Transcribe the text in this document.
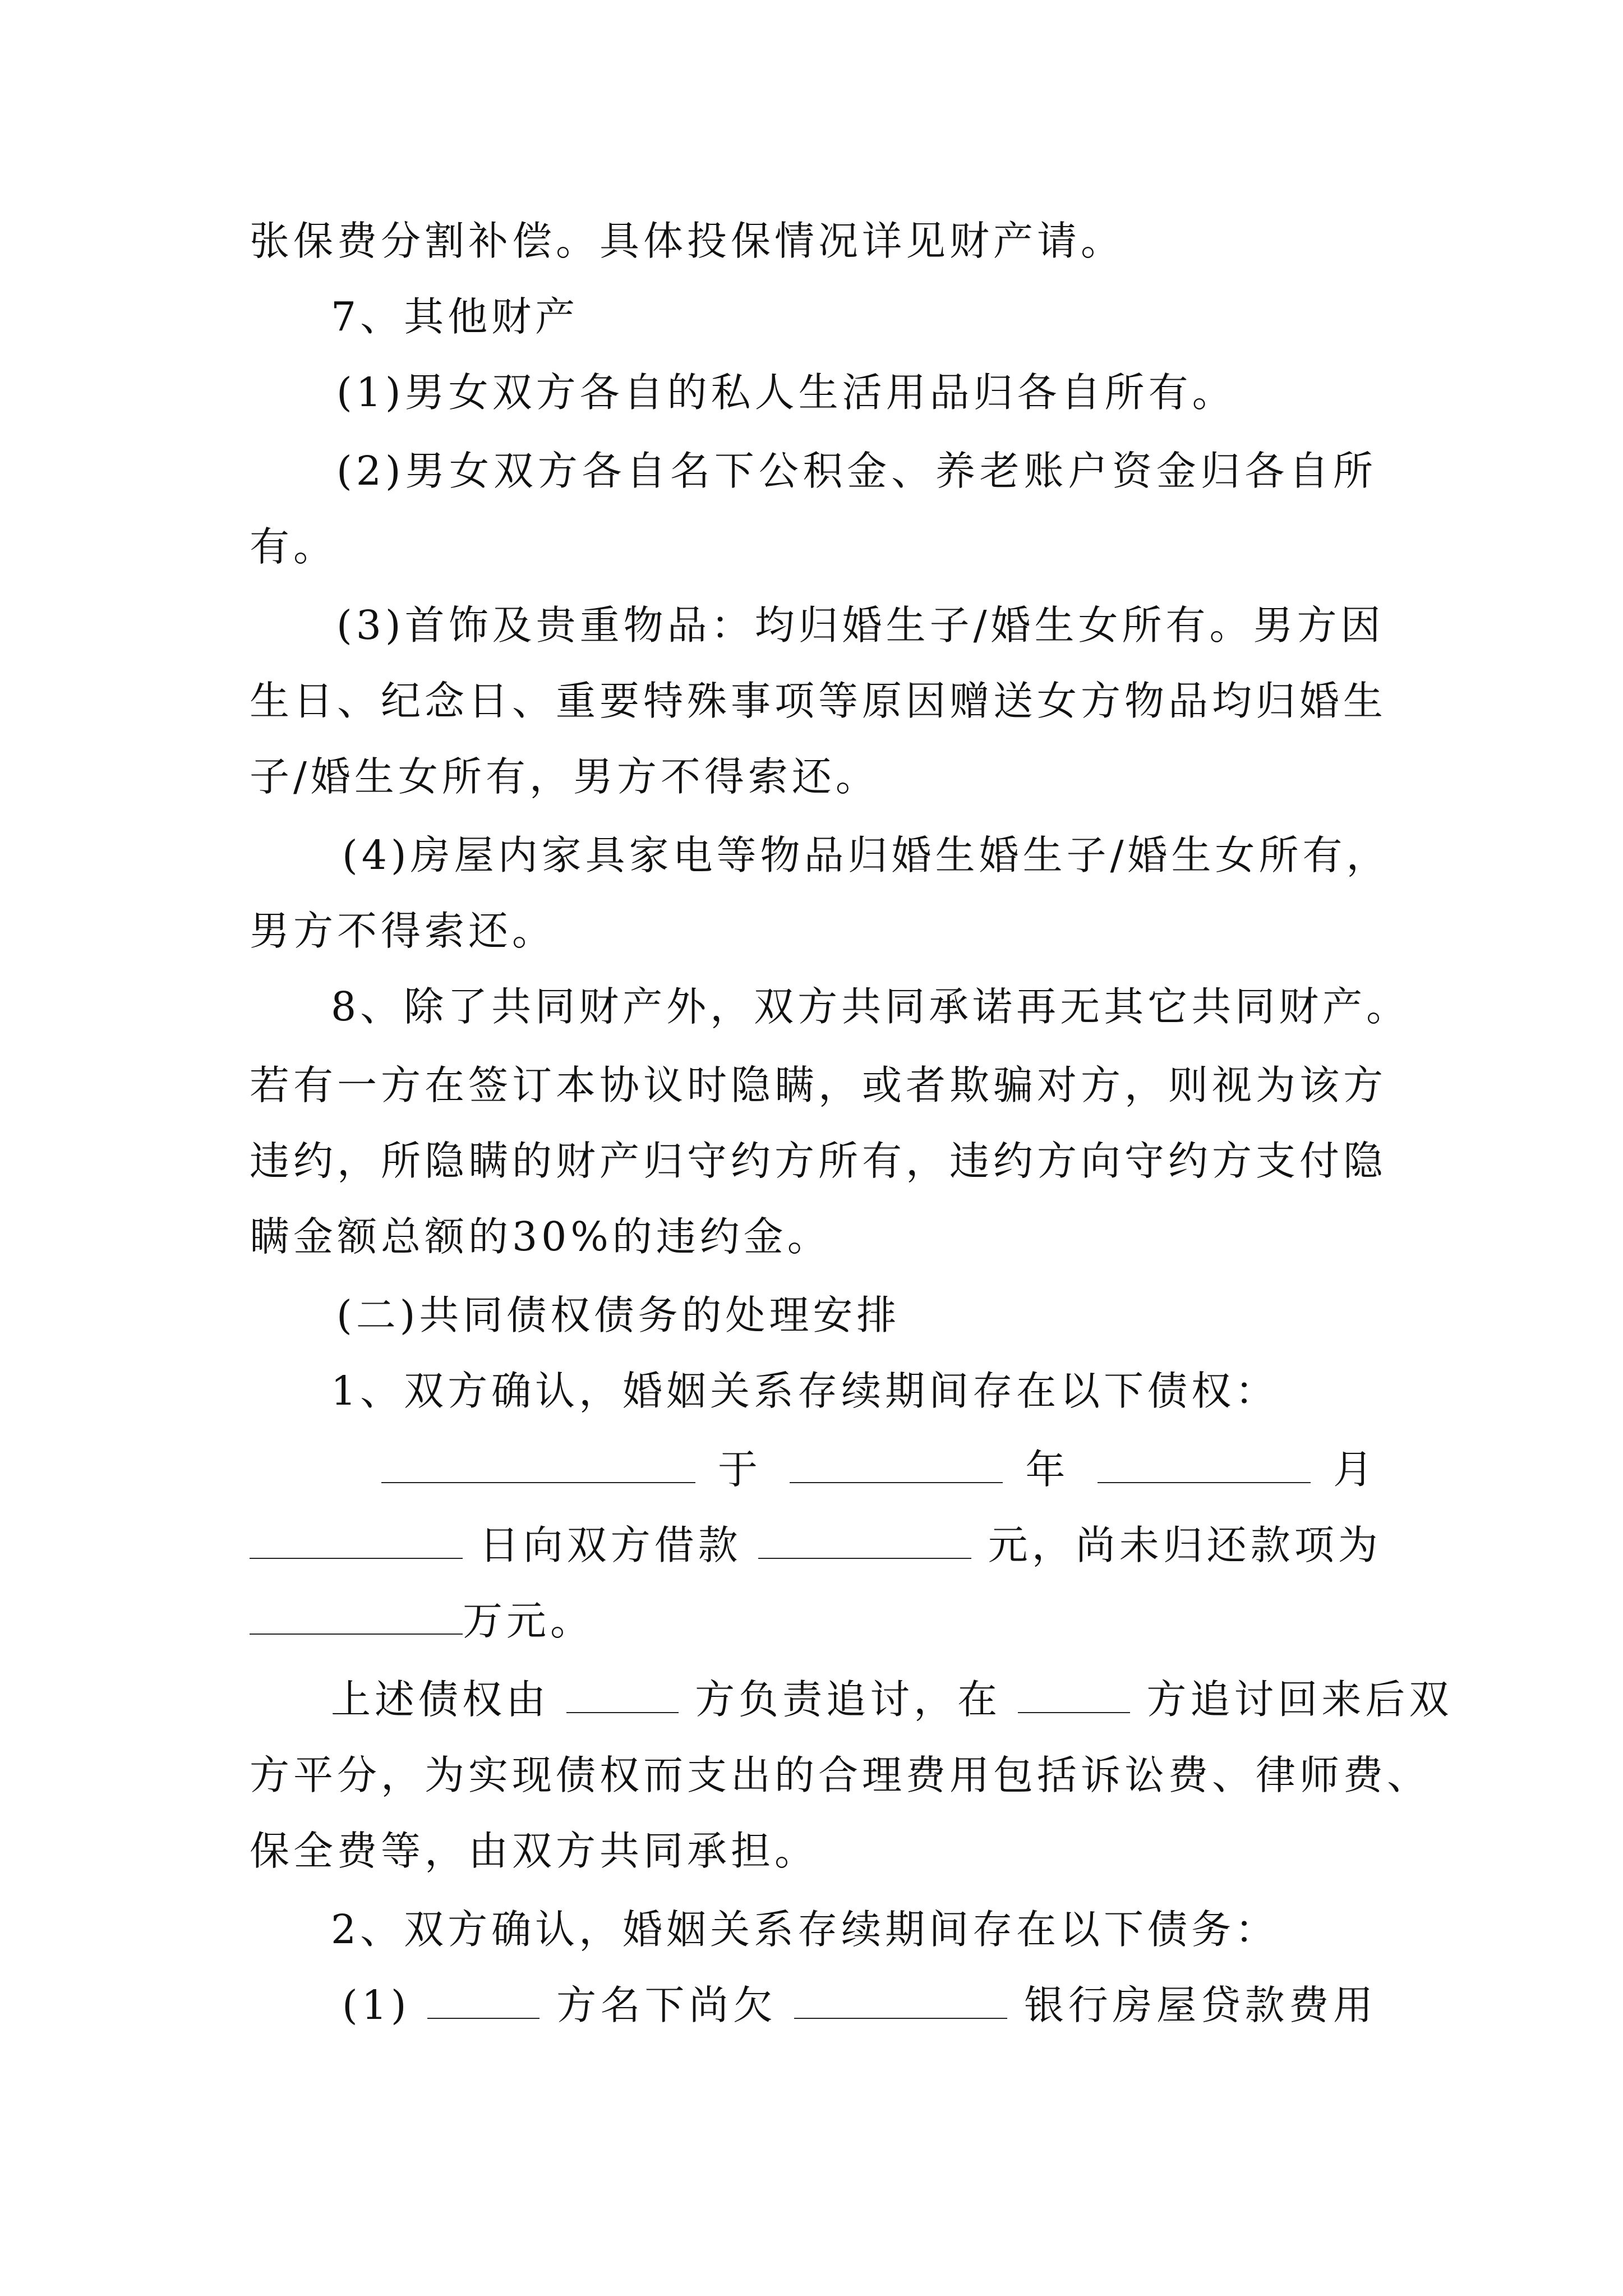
张保费分割补偿。具体投保情况详见财产请。
7、其他财产
(1)男女双方各自的私人生活用品归各自所有。
(2)男女双方各自名下公积金、养老账户资金归各自所
有。
(3)首饰及贵重物品：均归婚生子/婚生女所有。男方因
生日、纪念日、重要特殊事项等原因赠送女方物品均归婚生
子/婚生女所有，男方不得索还。
(4)房屋内家具家电等物品归婚生婚生子/婚生女所有，
男方不得索还。
8、除了共同财产外，双方共同承诺再无其它共同财产。
若有一方在签订本协议时隐瞒，或者欺骗对方，则视为该方
违约，所隐瞒的财产归守约方所有，违约方向守约方支付隐
瞒金额总额的30%的违约金。
(二)共同债权债务的处理安排
1、双方确认，婚姻关系存续期间存在以下债权：
于	年	月
日向双方借款	元，尚未归还款项为
万元。
上述债权由	方负责追讨，在	方追讨回来后双
方平分，为实现债权而支出的合理费用包括诉讼费、律师费、
保全费等，由双方共同承担。
2、双方确认，婚姻关系存续期间存在以下债务：
(1)	方名下尚欠	银行房屋贷款费用
